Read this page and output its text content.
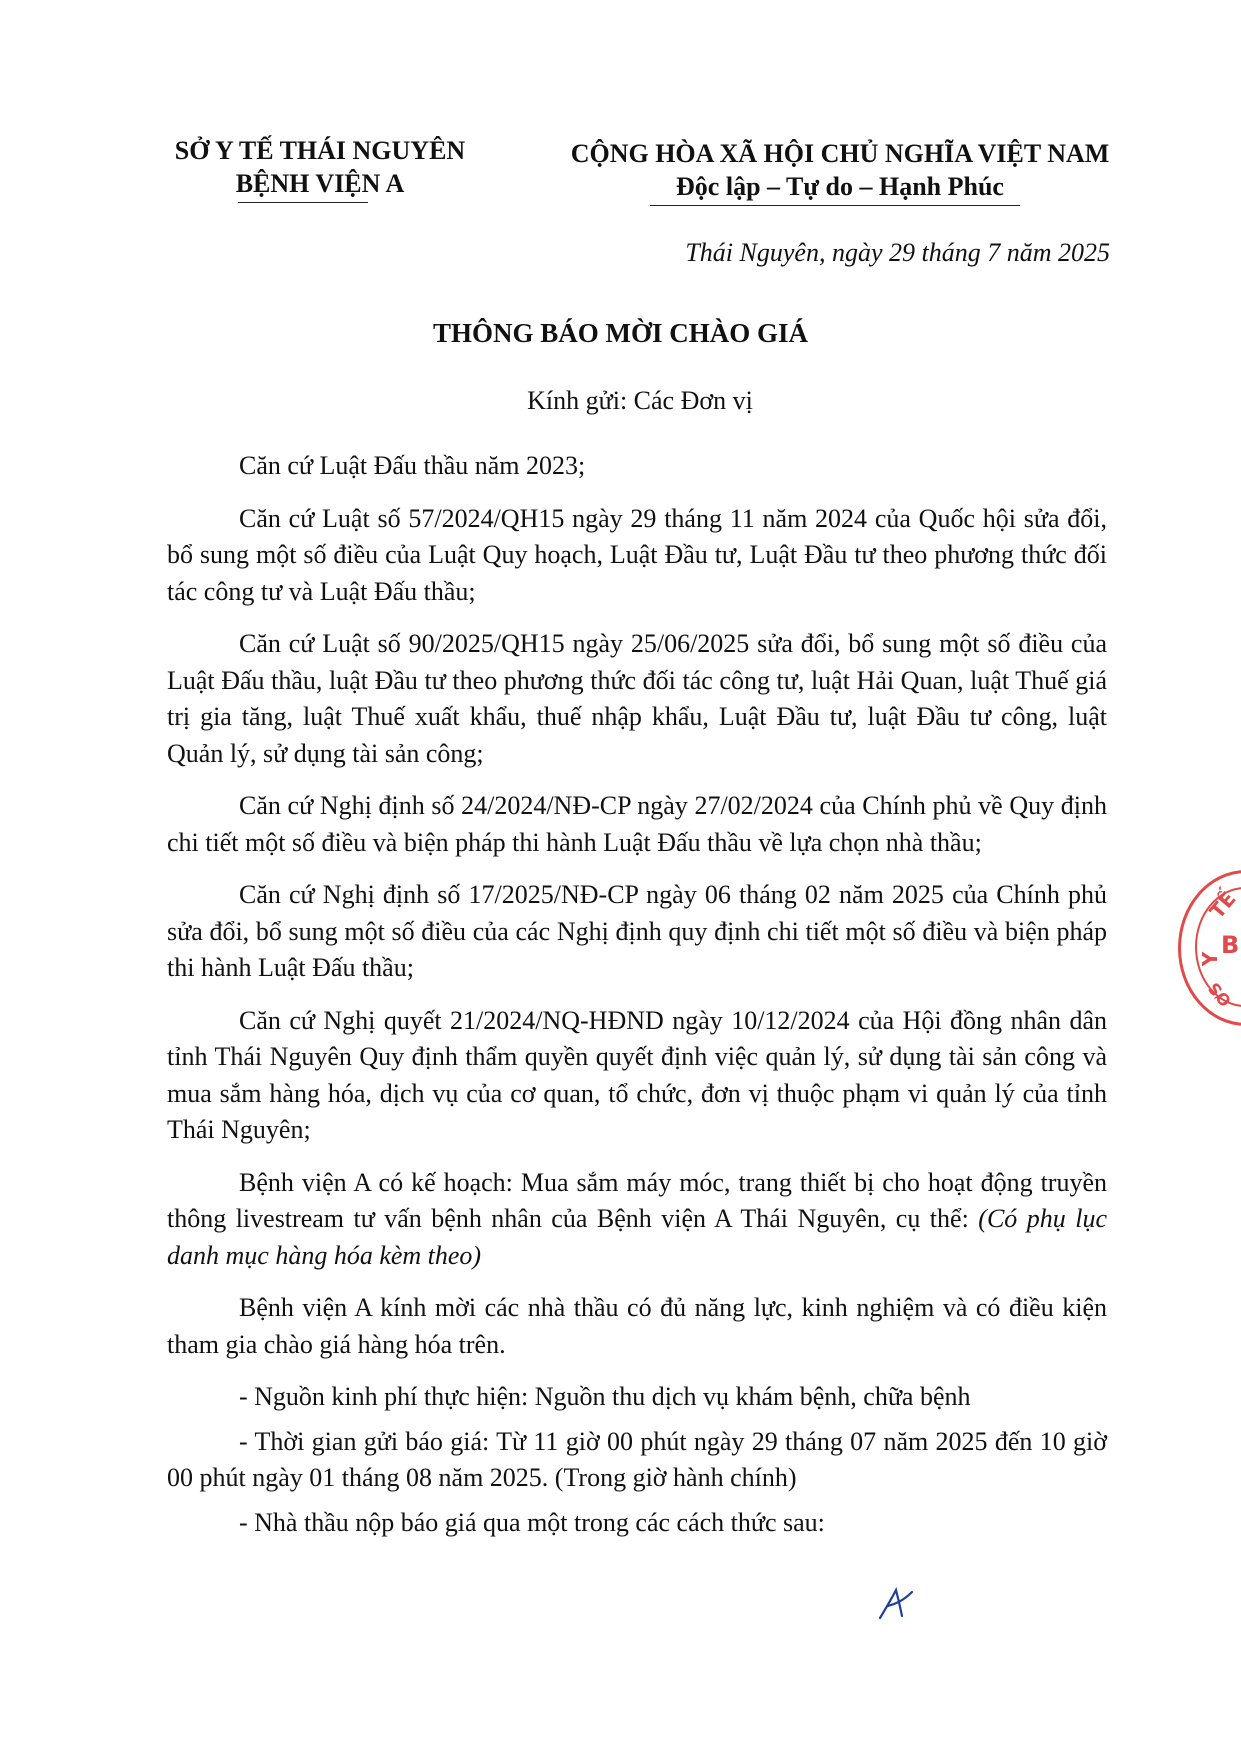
SỞ Y TẾ THÁI NGUYÊN
BỆNH VIỆN A
CỘNG HÒA XÃ HỘI CHỦ NGHĨA VIỆT NAM
Độc lập – Tự do – Hạnh Phúc
Thái Nguyên, ngày 29 tháng 7 năm 2025
THÔNG BÁO MỜI CHÀO GIÁ
Kính gửi: Các Đơn vị

Căn cứ Luật Đấu thầu năm 2023;

Căn cứ Luật số 57/2024/QH15 ngày 29 tháng 11 năm 2024 của Quốc hội sửa đổi, bổ sung một số điều của Luật Quy hoạch, Luật Đầu tư, Luật Đầu tư theo phương thức đối tác công tư và Luật Đấu thầu;

Căn cứ Luật số 90/2025/QH15 ngày 25/06/2025 sửa đổi, bổ sung một số điều của Luật Đấu thầu, luật Đầu tư theo phương thức đối tác công tư, luật Hải Quan, luật Thuế giá trị gia tăng, luật Thuế xuất khẩu, thuế nhập khẩu, Luật Đầu tư, luật Đầu tư công, luật Quản lý, sử dụng tài sản công;

Căn cứ Nghị định số 24/2024/NĐ-CP ngày 27/02/2024 của Chính phủ về Quy định chi tiết một số điều và biện pháp thi hành Luật Đấu thầu về lựa chọn nhà thầu;

Căn cứ Nghị định số 17/2025/NĐ-CP ngày 06 tháng 02 năm 2025 của Chính phủ sửa đổi, bổ sung một số điều của các Nghị định quy định chi tiết một số điều và biện pháp thi hành Luật Đấu thầu;

Căn cứ Nghị quyết 21/2024/NQ-HĐND ngày 10/12/2024 của Hội đồng nhân dân tỉnh Thái Nguyên Quy định thẩm quyền quyết định việc quản lý, sử dụng tài sản công và mua sắm hàng hóa, dịch vụ của cơ quan, tổ chức, đơn vị thuộc phạm vi quản lý của tỉnh Thái Nguyên;

Bệnh viện A có kế hoạch: Mua sắm máy móc, trang thiết bị cho hoạt động truyền thông livestream tư vấn bệnh nhân của Bệnh viện A Thái Nguyên, cụ thể: (Có phụ lục danh mục hàng hóa kèm theo)

Bệnh viện A kính mời các nhà thầu có đủ năng lực, kinh nghiệm và có điều kiện tham gia chào giá hàng hóa trên.

- Nguồn kinh phí thực hiện: Nguồn thu dịch vụ khám bệnh, chữa bệnh

- Thời gian gửi báo giá: Từ 11 giờ 00 phút ngày 29 tháng 07 năm 2025 đến 10 giờ 00 phút ngày 01 tháng 08 năm 2025. (Trong giờ hành chính)

- Nhà thầu nộp báo giá qua một trong các cách thức sau:

TẾ
Y
B
ƠS
